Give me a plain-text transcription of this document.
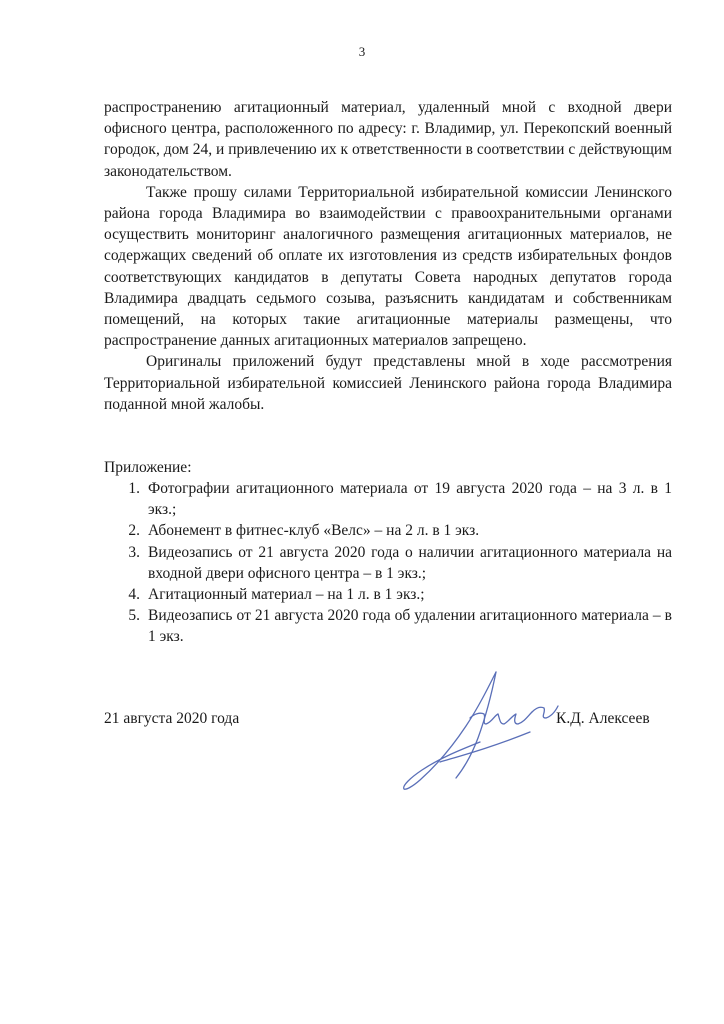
3

распространению агитационный материал, удаленный мной с входной двери офисного центра, расположенного по адресу: г. Владимир, ул. Перекопский военный городок, дом 24, и привлечению их к ответственности в соответствии с действующим законодательством.

Также прошу силами Территориальной избирательной комиссии Ленинского района города Владимира во взаимодействии с правоохранительными органами осуществить мониторинг аналогичного размещения агитационных материалов, не содержащих сведений об оплате их изготовления из средств избирательных фондов соответствующих кандидатов в депутаты Совета народных депутатов города Владимира двадцать седьмого созыва, разъяснить кандидатам и собственникам помещений, на которых такие агитационные материалы размещены, что распространение данных агитационных материалов запрещено.

Оригиналы приложений будут представлены мной в ходе рассмотрения Территориальной избирательной комиссией Ленинского района города Владимира поданной мной жалобы.

Приложение:
1. Фотографии агитационного материала от 19 августа 2020 года – на 3 л. в 1 экз.;
2. Абонемент в фитнес-клуб «Велс» – на 2 л. в 1 экз.
3. Видеозапись от 21 августа 2020 года о наличии агитационного материала на входной двери офисного центра – в 1 экз.;
4. Агитационный материал – на 1 л. в 1 экз.;
5. Видеозапись от 21 августа 2020 года об удалении агитационного материала – в 1 экз.
21 августа 2020 года	К.Д. Алексеев
